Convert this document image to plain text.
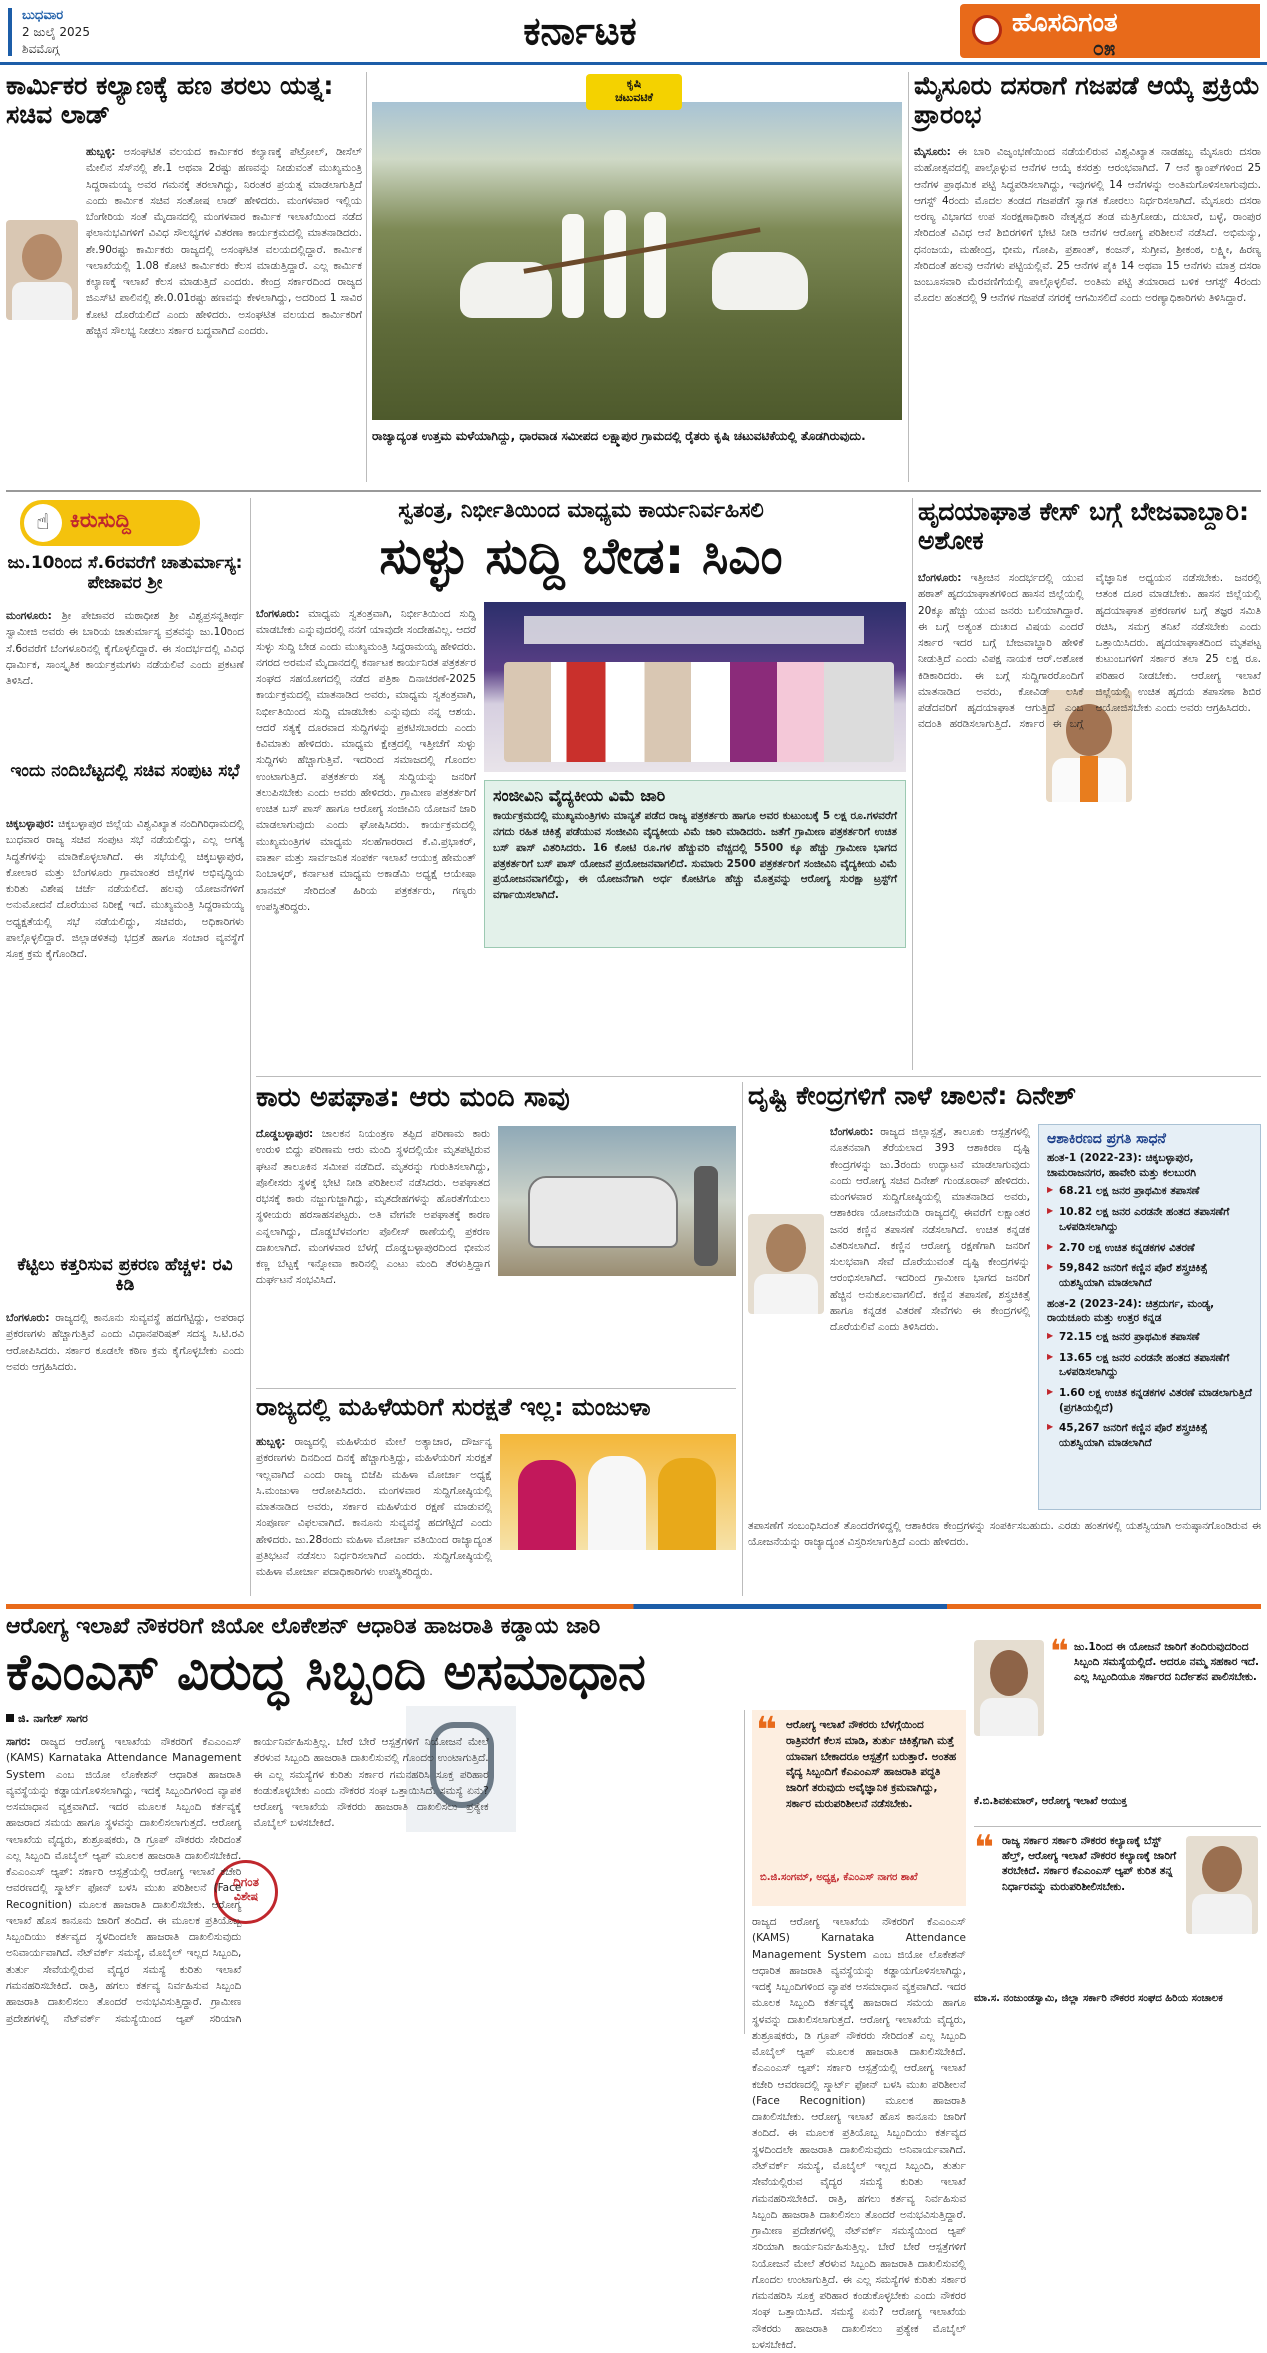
ಬುಧವಾರ
2 ಜುಲೈ 2025
ಶಿವಮೊಗ್ಗ	ಕರ್ನಾಟಕ	ಹೊಸದಿಗಂತ
೦೫
ಕಾರ್ಮಿಕರ ಕಲ್ಯಾಣಕ್ಕೆ ಹಣ ತರಲು ಯತ್ನ: ಸಚಿವ ಲಾಡ್
ಹುಬ್ಬಳ್ಳಿ: ಅಸಂಘಟಿತ ವಲಯದ ಕಾರ್ಮಿಕರ ಕಲ್ಯಾಣಕ್ಕೆ ಪೆಟ್ರೋಲ್, ಡೀಸೆಲ್ ಮೇಲಿನ ಸೆಸ್‌ನಲ್ಲಿ ಶೇ.1 ಅಥವಾ 2ರಷ್ಟು ಹಣವನ್ನು ನೀಡುವಂತೆ ಮುಖ್ಯಮಂತ್ರಿ ಸಿದ್ದರಾಮಯ್ಯ ಅವರ ಗಮನಕ್ಕೆ ತರಲಾಗಿದ್ದು, ನಿರಂತರ ಪ್ರಯತ್ನ ಮಾಡಲಾಗುತ್ತಿದೆ ಎಂದು ಕಾರ್ಮಿಕ ಸಚಿವ ಸಂತೋಷ ಲಾಡ್ ಹೇಳಿದರು. ಮಂಗಳವಾರ ಇಲ್ಲಿಯ ಬೆಂಗೇರಿಯ ಸಂತೆ ಮೈದಾನದಲ್ಲಿ ಮಂಗಳವಾರ ಕಾರ್ಮಿಕ ಇಲಾಖೆಯಿಂದ ನಡೆದ ಫಲಾನುಭವಿಗಳಿಗೆ ವಿವಿಧ ಸೌಲಭ್ಯಗಳ ವಿತರಣಾ ಕಾರ್ಯಕ್ರಮದಲ್ಲಿ ಮಾತನಾಡಿದರು. ಶೇ.90ರಷ್ಟು ಕಾರ್ಮಿಕರು ರಾಜ್ಯದಲ್ಲಿ ಅಸಂಘಟಿತ ವಲಯದಲ್ಲಿದ್ದಾರೆ. ಕಾರ್ಮಿಕ ಇಲಾಖೆಯಲ್ಲಿ 1.08 ಕೋಟಿ ಕಾರ್ಮಿಕರು ಕೆಲಸ ಮಾಡುತ್ತಿದ್ದಾರೆ. ಎಲ್ಲ ಕಾರ್ಮಿಕ ಕಲ್ಯಾಣಕ್ಕೆ ಇಲಾಖೆ ಕೆಲಸ ಮಾಡುತ್ತಿದೆ ಎಂದರು. ಕೇಂದ್ರ ಸರ್ಕಾರದಿಂದ ರಾಜ್ಯದ ಜಿಎಸ್‌ಟಿ ಪಾಲಿನಲ್ಲಿ ಶೇ.0.01ರಷ್ಟು ಹಣವನ್ನು ಕೇಳಲಾಗಿದ್ದು, ಅದರಿಂದ 1 ಸಾವಿರ ಕೋಟಿ ದೊರೆಯಲಿದೆ ಎಂದು ಹೇಳಿದರು. ಅಸಂಘಟಿತ ವಲಯದ ಕಾರ್ಮಿಕರಿಗೆ ಹೆಚ್ಚಿನ ಸೌಲಭ್ಯ ನೀಡಲು ಸರ್ಕಾರ ಬದ್ಧವಾಗಿದೆ ಎಂದರು.
ಕೃಷಿ
ಚಟುವಟಿಕೆ
ರಾಜ್ಯಾದ್ಯಂತ ಉತ್ತಮ ಮಳೆಯಾಗಿದ್ದು, ಧಾರವಾಡ ಸಮೀಪದ ಲಕ್ಷ್ಮಾಪುರ ಗ್ರಾಮದಲ್ಲಿ ರೈತರು ಕೃಷಿ ಚಟುವಟಿಕೆಯಲ್ಲಿ ತೊಡಗಿರುವುದು.
ಮೈಸೂರು ದಸರಾಗೆ ಗಜಪಡೆ ಆಯ್ಕೆ ಪ್ರಕ್ರಿಯೆ ಪ್ರಾರಂಭ
ಮೈಸೂರು: ಈ ಬಾರಿ ವಿಜೃಂಭಣೆಯಿಂದ ನಡೆಯಲಿರುವ ವಿಶ್ವವಿಖ್ಯಾತ ನಾಡಹಬ್ಬ ಮೈಸೂರು ದಸರಾ ಮಹೋತ್ಸವದಲ್ಲಿ ಪಾಲ್ಗೊಳ್ಳುವ ಆನೆಗಳ ಆಯ್ಕೆ ಕಸರತ್ತು ಆರಂಭವಾಗಿದೆ. 7 ಆನೆ ಕ್ಯಾಂಪ್‌ಗಳಿಂದ 25 ಆನೆಗಳ ಪ್ರಾಥಮಿಕ ಪಟ್ಟಿ ಸಿದ್ಧಪಡಿಸಲಾಗಿದ್ದು, ಇವುಗಳಲ್ಲಿ 14 ಆನೆಗಳನ್ನು ಅಂತಿಮಗೊಳಿಸಲಾಗುವುದು. ಆಗಸ್ಟ್ 4ರಂದು ಮೊದಲ ತಂಡದ ಗಜಪಡೆಗೆ ಸ್ವಾಗತ ಕೋರಲು ನಿರ್ಧರಿಸಲಾಗಿದೆ. ಮೈಸೂರು ದಸರಾ ಅರಣ್ಯ ವಿಭಾಗದ ಉಪ ಸಂರಕ್ಷಣಾಧಿಕಾರಿ ನೇತೃತ್ವದ ತಂಡ ಮತ್ತಿಗೋಡು, ದುಬಾರೆ, ಬಳ್ಳೆ, ರಾಂಪುರ ಸೇರಿದಂತೆ ವಿವಿಧ ಆನೆ ಶಿಬಿರಗಳಿಗೆ ಭೇಟಿ ನೀಡಿ ಆನೆಗಳ ಆರೋಗ್ಯ ಪರಿಶೀಲನೆ ನಡೆಸಿದೆ. ಅಭಿಮನ್ಯು, ಧನಂಜಯ, ಮಹೇಂದ್ರ, ಭೀಮ, ಗೋಪಿ, ಪ್ರಶಾಂತ್, ಕಂಜನ್, ಸುಗ್ರೀವ, ಶ್ರೀಕಂಠ, ಲಕ್ಷ್ಮೀ, ಹಿರಣ್ಯ ಸೇರಿದಂತೆ ಹಲವು ಆನೆಗಳು ಪಟ್ಟಿಯಲ್ಲಿವೆ. 25 ಆನೆಗಳ ಪೈಕಿ 14 ಅಥವಾ 15 ಆನೆಗಳು ಮಾತ್ರ ದಸರಾ ಜಂಬೂಸವಾರಿ ಮೆರವಣಿಗೆಯಲ್ಲಿ ಪಾಲ್ಗೊಳ್ಳಲಿವೆ. ಅಂತಿಮ ಪಟ್ಟಿ ತಯಾರಾದ ಬಳಿಕ ಆಗಸ್ಟ್ 4ರಂದು ಮೊದಲ ಹಂತದಲ್ಲಿ 9 ಆನೆಗಳ ಗಜಪಡೆ ನಗರಕ್ಕೆ ಆಗಮಿಸಲಿದೆ ಎಂದು ಅರಣ್ಯಾಧಿಕಾರಿಗಳು ತಿಳಿಸಿದ್ದಾರೆ.
☝ ಕಿರುಸುದ್ದಿ
ಜು.10ರಿಂದ ಸೆ.6ರವರೆಗೆ ಚಾತುರ್ಮಾಸ್ಯ: ಪೇಜಾವರ ಶ್ರೀ
ಮಂಗಳೂರು: ಶ್ರೀ ಪೇಜಾವರ ಮಠಾಧೀಶ ಶ್ರೀ ವಿಶ್ವಪ್ರಸನ್ನತೀರ್ಥ ಸ್ವಾಮೀಜಿ ಅವರು ಈ ಬಾರಿಯ ಚಾತುರ್ಮಾಸ್ಯ ವ್ರತವನ್ನು ಜು.10ರಿಂದ ಸೆ.6ರವರೆಗೆ ಬೆಂಗಳೂರಿನಲ್ಲಿ ಕೈಗೊಳ್ಳಲಿದ್ದಾರೆ. ಈ ಸಂದರ್ಭದಲ್ಲಿ ವಿವಿಧ ಧಾರ್ಮಿಕ, ಸಾಂಸ್ಕೃತಿಕ ಕಾರ್ಯಕ್ರಮಗಳು ನಡೆಯಲಿವೆ ಎಂದು ಪ್ರಕಟಣೆ ತಿಳಿಸಿದೆ.
ಇಂದು ನಂದಿಬೆಟ್ಟದಲ್ಲಿ ಸಚಿವ ಸಂಪುಟ ಸಭೆ
ಚಿಕ್ಕಬಳ್ಳಾಪುರ: ಚಿಕ್ಕಬಳ್ಳಾಪುರ ಜಿಲ್ಲೆಯ ವಿಶ್ವವಿಖ್ಯಾತ ನಂದಿಗಿರಿಧಾಮದಲ್ಲಿ ಬುಧವಾರ ರಾಜ್ಯ ಸಚಿವ ಸಂಪುಟ ಸಭೆ ನಡೆಯಲಿದ್ದು, ಎಲ್ಲ ಅಗತ್ಯ ಸಿದ್ಧತೆಗಳನ್ನು ಮಾಡಿಕೊಳ್ಳಲಾಗಿದೆ. ಈ ಸಭೆಯಲ್ಲಿ ಚಿಕ್ಕಬಳ್ಳಾಪುರ, ಕೋಲಾರ ಮತ್ತು ಬೆಂಗಳೂರು ಗ್ರಾಮಾಂತರ ಜಿಲ್ಲೆಗಳ ಅಭಿವೃದ್ಧಿಯ ಕುರಿತು ವಿಶೇಷ ಚರ್ಚೆ ನಡೆಯಲಿದೆ. ಹಲವು ಯೋಜನೆಗಳಿಗೆ ಅನುಮೋದನೆ ದೊರೆಯುವ ನಿರೀಕ್ಷೆ ಇದೆ. ಮುಖ್ಯಮಂತ್ರಿ ಸಿದ್ದರಾಮಯ್ಯ ಅಧ್ಯಕ್ಷತೆಯಲ್ಲಿ ಸಭೆ ನಡೆಯಲಿದ್ದು, ಸಚಿವರು, ಅಧಿಕಾರಿಗಳು ಪಾಲ್ಗೊಳ್ಳಲಿದ್ದಾರೆ. ಜಿಲ್ಲಾಡಳಿತವು ಭದ್ರತೆ ಹಾಗೂ ಸಂಚಾರ ವ್ಯವಸ್ಥೆಗೆ ಸೂಕ್ತ ಕ್ರಮ ಕೈಗೊಂಡಿದೆ.
ಕೆಟ್ಟಿಲು ಕತ್ತರಿಸುವ ಪ್ರಕರಣ ಹೆಚ್ಚಳ: ರವಿ ಕಿಡಿ
ಬೆಂಗಳೂರು: ರಾಜ್ಯದಲ್ಲಿ ಕಾನೂನು ಸುವ್ಯವಸ್ಥೆ ಹದಗೆಟ್ಟಿದ್ದು, ಅಪರಾಧ ಪ್ರಕರಣಗಳು ಹೆಚ್ಚಾಗುತ್ತಿವೆ ಎಂದು ವಿಧಾನಪರಿಷತ್ ಸದಸ್ಯ ಸಿ.ಟಿ.ರವಿ ಆರೋಪಿಸಿದರು. ಸರ್ಕಾರ ಕೂಡಲೇ ಕಠಿಣ ಕ್ರಮ ಕೈಗೊಳ್ಳಬೇಕು ಎಂದು ಅವರು ಆಗ್ರಹಿಸಿದರು.
ಸ್ವತಂತ್ರ, ನಿರ್ಭೀತಿಯಿಂದ ಮಾಧ್ಯಮ ಕಾರ್ಯನಿರ್ವಹಿಸಲಿ
ಸುಳ್ಳು ಸುದ್ದಿ ಬೇಡ: ಸಿಎಂ
ಬೆಂಗಳೂರು: ಮಾಧ್ಯಮ ಸ್ವತಂತ್ರವಾಗಿ, ನಿರ್ಭೀತಿಯಿಂದ ಸುದ್ದಿ ಮಾಡಬೇಕು ಎನ್ನುವುದರಲ್ಲಿ ನನಗೆ ಯಾವುದೇ ಸಂದೇಹವಿಲ್ಲ. ಆದರೆ ಸುಳ್ಳು ಸುದ್ದಿ ಬೇಡ ಎಂದು ಮುಖ್ಯಮಂತ್ರಿ ಸಿದ್ದರಾಮಯ್ಯ ಹೇಳಿದರು. ನಗರದ ಅರಮನೆ ಮೈದಾನದಲ್ಲಿ ಕರ್ನಾಟಕ ಕಾರ್ಯನಿರತ ಪತ್ರಕರ್ತರ ಸಂಘದ ಸಹಯೋಗದಲ್ಲಿ ನಡೆದ ಪತ್ರಿಕಾ ದಿನಾಚರಣೆ-2025 ಕಾರ್ಯಕ್ರಮದಲ್ಲಿ ಮಾತನಾಡಿದ ಅವರು, ಮಾಧ್ಯಮ ಸ್ವತಂತ್ರವಾಗಿ, ನಿರ್ಭೀತಿಯಿಂದ ಸುದ್ದಿ ಮಾಡಬೇಕು ಎನ್ನುವುದು ನನ್ನ ಆಶಯ. ಆದರೆ ಸತ್ಯಕ್ಕೆ ದೂರವಾದ ಸುದ್ದಿಗಳನ್ನು ಪ್ರಕಟಿಸಬಾರದು ಎಂದು ಕಿವಿಮಾತು ಹೇಳಿದರು. ಮಾಧ್ಯಮ ಕ್ಷೇತ್ರದಲ್ಲಿ ಇತ್ತೀಚೆಗೆ ಸುಳ್ಳು ಸುದ್ದಿಗಳು ಹೆಚ್ಚಾಗುತ್ತಿವೆ. ಇದರಿಂದ ಸಮಾಜದಲ್ಲಿ ಗೊಂದಲ ಉಂಟಾಗುತ್ತಿದೆ. ಪತ್ರಕರ್ತರು ಸತ್ಯ ಸುದ್ದಿಯನ್ನು ಜನರಿಗೆ ತಲುಪಿಸಬೇಕು ಎಂದು ಅವರು ಹೇಳಿದರು. ಗ್ರಾಮೀಣ ಪತ್ರಕರ್ತರಿಗೆ ಉಚಿತ ಬಸ್ ಪಾಸ್ ಹಾಗೂ ಆರೋಗ್ಯ ಸಂಜೀವಿನಿ ಯೋಜನೆ ಜಾರಿ ಮಾಡಲಾಗುವುದು ಎಂದು ಘೋಷಿಸಿದರು. ಕಾರ್ಯಕ್ರಮದಲ್ಲಿ ಮುಖ್ಯಮಂತ್ರಿಗಳ ಮಾಧ್ಯಮ ಸಲಹೆಗಾರರಾದ ಕೆ.ವಿ.ಪ್ರಭಾಕರ್, ವಾರ್ತಾ ಮತ್ತು ಸಾರ್ವಜನಿಕ ಸಂಪರ್ಕ ಇಲಾಖೆ ಆಯುಕ್ತ ಹೇಮಂತ್ ನಿಂಬಾಳ್ಕರ್, ಕರ್ನಾಟಕ ಮಾಧ್ಯಮ ಅಕಾಡೆಮಿ ಅಧ್ಯಕ್ಷೆ ಆಯೇಷಾ ಖಾನಮ್ ಸೇರಿದಂತೆ ಹಿರಿಯ ಪತ್ರಕರ್ತರು, ಗಣ್ಯರು ಉಪಸ್ಥಿತರಿದ್ದರು.
ಸಂಜೀವಿನಿ ವೈದ್ಯಕೀಯ ವಿಮೆ ಜಾರಿ
ಕಾರ್ಯಕ್ರಮದಲ್ಲಿ ಮುಖ್ಯಮಂತ್ರಿಗಳು ಮಾನ್ಯತೆ ಪಡೆದ ರಾಜ್ಯ ಪತ್ರಕರ್ತರು ಹಾಗೂ ಅವರ ಕುಟುಂಬಕ್ಕೆ 5 ಲಕ್ಷ ರೂ.ಗಳವರೆಗೆ ನಗದು ರಹಿತ ಚಿಕಿತ್ಸೆ ಪಡೆಯುವ ಸಂಜೀವಿನಿ ವೈದ್ಯಕೀಯ ವಿಮೆ ಜಾರಿ ಮಾಡಿದರು. ಜತೆಗೆ ಗ್ರಾಮೀಣ ಪತ್ರಕರ್ತರಿಗೆ ಉಚಿತ ಬಸ್ ಪಾಸ್ ವಿತರಿಸಿದರು. 16 ಕೋಟಿ ರೂ.ಗಳ ಹೆಚ್ಚುವರಿ ವೆಚ್ಚದಲ್ಲಿ 5500 ಕ್ಕೂ ಹೆಚ್ಚು ಗ್ರಾಮೀಣ ಭಾಗದ ಪತ್ರಕರ್ತರಿಗೆ ಬಸ್ ಪಾಸ್ ಯೋಜನೆ ಪ್ರಯೋಜನವಾಗಲಿದೆ. ಸುಮಾರು 2500 ಪತ್ರಕರ್ತರಿಗೆ ಸಂಜೀವಿನಿ ವೈದ್ಯಕೀಯ ವಿಮೆ ಪ್ರಯೋಜನವಾಗಲಿದ್ದು, ಈ ಯೋಜನೆಗಾಗಿ ಅರ್ಧ ಕೋಟಿಗೂ ಹೆಚ್ಚು ಮೊತ್ತವನ್ನು ಆರೋಗ್ಯ ಸುರಕ್ಷಾ ಟ್ರಸ್ಟ್‌ಗೆ ವರ್ಗಾಯಿಸಲಾಗಿದೆ.
ಹೃದಯಾಘಾತ ಕೇಸ್ ಬಗ್ಗೆ ಬೇಜವಾಬ್ದಾರಿ: ಅಶೋಕ
ಬೆಂಗಳೂರು: ಇತ್ತೀಚಿನ ಸಂದರ್ಭದಲ್ಲಿ ಯುವ ಹಠಾತ್ ಹೃದಯಾಘಾತಗಳಿಂದ ಹಾಸನ ಜಿಲ್ಲೆಯಲ್ಲಿ 20ಕ್ಕೂ ಹೆಚ್ಚು ಯುವ ಜನರು ಬಲಿಯಾಗಿದ್ದಾರೆ. ಈ ಬಗ್ಗೆ ಅತ್ಯಂತ ದುಃಖದ ವಿಷಯ ಎಂದರೆ ಸರ್ಕಾರ ಇದರ ಬಗ್ಗೆ ಬೇಜವಾಬ್ದಾರಿ ಹೇಳಿಕೆ ನೀಡುತ್ತಿದೆ ಎಂದು ವಿಪಕ್ಷ ನಾಯಕ ಆರ್.ಅಶೋಕ ಕಿಡಿಕಾರಿದರು. ಈ ಬಗ್ಗೆ ಸುದ್ದಿಗಾರರೊಂದಿಗೆ ಮಾತನಾಡಿದ ಅವರು, ಕೋವಿಡ್ ಲಸಿಕೆ ಪಡೆದವರಿಗೆ ಹೃದಯಾಘಾತ ಆಗುತ್ತಿದೆ ಎಂಬ ವದಂತಿ ಹರಡಿಸಲಾಗುತ್ತಿದೆ. ಸರ್ಕಾರ ಈ ಬಗ್ಗೆ ವೈಜ್ಞಾನಿಕ ಅಧ್ಯಯನ ನಡೆಸಬೇಕು. ಜನರಲ್ಲಿ ಆತಂಕ ದೂರ ಮಾಡಬೇಕು. ಹಾಸನ ಜಿಲ್ಲೆಯಲ್ಲಿ ಹೃದಯಾಘಾತ ಪ್ರಕರಣಗಳ ಬಗ್ಗೆ ತಜ್ಞರ ಸಮಿತಿ ರಚಿಸಿ, ಸಮಗ್ರ ತನಿಖೆ ನಡೆಸಬೇಕು ಎಂದು ಒತ್ತಾಯಿಸಿದರು. ಹೃದಯಾಘಾತದಿಂದ ಮೃತಪಟ್ಟ ಕುಟುಂಬಗಳಿಗೆ ಸರ್ಕಾರ ತಲಾ 25 ಲಕ್ಷ ರೂ. ಪರಿಹಾರ ನೀಡಬೇಕು. ಆರೋಗ್ಯ ಇಲಾಖೆ ಜಿಲ್ಲೆಯಲ್ಲಿ ಉಚಿತ ಹೃದಯ ತಪಾಸಣಾ ಶಿಬಿರ ಆಯೋಜಿಸಬೇಕು ಎಂದು ಅವರು ಆಗ್ರಹಿಸಿದರು.
ಕಾರು ಅಪಘಾತ: ಆರು ಮಂದಿ ಸಾವು
ದೊಡ್ಡಬಳ್ಳಾಪುರ: ಚಾಲಕನ ನಿಯಂತ್ರಣ ತಪ್ಪಿದ ಪರಿಣಾಮ ಕಾರು ಉರುಳಿ ಬಿದ್ದು ಪರಿಣಾಮ ಆರು ಮಂದಿ ಸ್ಥಳದಲ್ಲಿಯೇ ಮೃತಪಟ್ಟಿರುವ ಘಟನೆ ತಾಲೂಕಿನ ಸಮೀಪ ನಡೆದಿದೆ. ಮೃತರನ್ನು ಗುರುತಿಸಲಾಗಿದ್ದು, ಪೊಲೀಸರು ಸ್ಥಳಕ್ಕೆ ಭೇಟಿ ನೀಡಿ ಪರಿಶೀಲನೆ ನಡೆಸಿದರು. ಅಪಘಾತದ ರಭಸಕ್ಕೆ ಕಾರು ನಜ್ಜುಗುಜ್ಜಾಗಿದ್ದು, ಮೃತದೇಹಗಳನ್ನು ಹೊರತೆಗೆಯಲು ಸ್ಥಳೀಯರು ಹರಸಾಹಸಪಟ್ಟರು. ಅತಿ ವೇಗವೇ ಅಪಘಾತಕ್ಕೆ ಕಾರಣ ಎನ್ನಲಾಗಿದ್ದು, ದೊಡ್ಡಬೆಳವಂಗಲ ಪೊಲೀಸ್ ಠಾಣೆಯಲ್ಲಿ ಪ್ರಕರಣ ದಾಖಲಾಗಿದೆ. ಮಂಗಳವಾರ ಬೆಳಗ್ಗೆ ದೊಡ್ಡಬಳ್ಳಾಪುರದಿಂದ ಭೀಮನ ಕಣ್ಣ ಬೆಟ್ಟಕ್ಕೆ ಇನ್ನೋವಾ ಕಾರಿನಲ್ಲಿ ಎಂಟು ಮಂದಿ ತೆರಳುತ್ತಿದ್ದಾಗ ದುರ್ಘಟನೆ ಸಂಭವಿಸಿದೆ.
ರಾಜ್ಯದಲ್ಲಿ ಮಹಿಳೆಯರಿಗೆ ಸುರಕ್ಷತೆ ಇಲ್ಲ: ಮಂಜುಳಾ
ಹುಬ್ಬಳ್ಳಿ: ರಾಜ್ಯದಲ್ಲಿ ಮಹಿಳೆಯರ ಮೇಲೆ ಅತ್ಯಾಚಾರ, ದೌರ್ಜನ್ಯ ಪ್ರಕರಣಗಳು ದಿನದಿಂದ ದಿನಕ್ಕೆ ಹೆಚ್ಚಾಗುತ್ತಿದ್ದು, ಮಹಿಳೆಯರಿಗೆ ಸುರಕ್ಷತೆ ಇಲ್ಲವಾಗಿದೆ ಎಂದು ರಾಜ್ಯ ಬಿಜೆಪಿ ಮಹಿಳಾ ಮೋರ್ಚಾ ಅಧ್ಯಕ್ಷೆ ಸಿ.ಮಂಜುಳಾ ಆರೋಪಿಸಿದರು. ಮಂಗಳವಾರ ಸುದ್ದಿಗೋಷ್ಠಿಯಲ್ಲಿ ಮಾತನಾಡಿದ ಅವರು, ಸರ್ಕಾರ ಮಹಿಳೆಯರ ರಕ್ಷಣೆ ಮಾಡುವಲ್ಲಿ ಸಂಪೂರ್ಣ ವಿಫಲವಾಗಿದೆ. ಕಾನೂನು ಸುವ್ಯವಸ್ಥೆ ಹದಗೆಟ್ಟಿದೆ ಎಂದು ಹೇಳಿದರು. ಜು.28ರಂದು ಮಹಿಳಾ ಮೋರ್ಚಾ ವತಿಯಿಂದ ರಾಜ್ಯಾದ್ಯಂತ ಪ್ರತಿಭಟನೆ ನಡೆಸಲು ನಿರ್ಧರಿಸಲಾಗಿದೆ ಎಂದರು. ಸುದ್ದಿಗೋಷ್ಠಿಯಲ್ಲಿ ಮಹಿಳಾ ಮೋರ್ಚಾ ಪದಾಧಿಕಾರಿಗಳು ಉಪಸ್ಥಿತರಿದ್ದರು.
ದೃಷ್ಟಿ ಕೇಂದ್ರಗಳಿಗೆ ನಾಳೆ ಚಾಲನೆ: ದಿನೇಶ್
ಬೆಂಗಳೂರು: ರಾಜ್ಯದ ಜಿಲ್ಲಾಸ್ಪತ್ರೆ, ತಾಲೂಕು ಆಸ್ಪತ್ರೆಗಳಲ್ಲಿ ನೂತನವಾಗಿ ತೆರೆಯಲಾದ 393 ಆಶಾಕಿರಣ ದೃಷ್ಟಿ ಕೇಂದ್ರಗಳನ್ನು ಜು.3ರಂದು ಉದ್ಘಾಟನೆ ಮಾಡಲಾಗುವುದು ಎಂದು ಆರೋಗ್ಯ ಸಚಿವ ದಿನೇಶ್ ಗುಂಡೂರಾವ್ ಹೇಳಿದರು. ಮಂಗಳವಾರ ಸುದ್ದಿಗೋಷ್ಠಿಯಲ್ಲಿ ಮಾತನಾಡಿದ ಅವರು, ಆಶಾಕಿರಣ ಯೋಜನೆಯಡಿ ರಾಜ್ಯದಲ್ಲಿ ಈವರೆಗೆ ಲಕ್ಷಾಂತರ ಜನರ ಕಣ್ಣಿನ ತಪಾಸಣೆ ನಡೆಸಲಾಗಿದೆ. ಉಚಿತ ಕನ್ನಡಕ ವಿತರಿಸಲಾಗಿದೆ. ಕಣ್ಣಿನ ಆರೋಗ್ಯ ರಕ್ಷಣೆಗಾಗಿ ಜನರಿಗೆ ಸುಲಭವಾಗಿ ಸೇವೆ ದೊರೆಯುವಂತೆ ದೃಷ್ಟಿ ಕೇಂದ್ರಗಳನ್ನು ಆರಂಭಿಸಲಾಗಿದೆ. ಇದರಿಂದ ಗ್ರಾಮೀಣ ಭಾಗದ ಜನರಿಗೆ ಹೆಚ್ಚಿನ ಅನುಕೂಲವಾಗಲಿದೆ. ಕಣ್ಣಿನ ತಪಾಸಣೆ, ಶಸ್ತ್ರಚಿಕಿತ್ಸೆ ಹಾಗೂ ಕನ್ನಡಕ ವಿತರಣೆ ಸೇವೆಗಳು ಈ ಕೇಂದ್ರಗಳಲ್ಲಿ ದೊರೆಯಲಿವೆ ಎಂದು ತಿಳಿಸಿದರು.
ಆಶಾಕಿರಣದ ಪ್ರಗತಿ ಸಾಧನೆ
ಹಂತ-1 (2022-23): ಚಿಕ್ಕಬಳ್ಳಾಪುರ, ಚಾಮರಾಜನಗರ, ಹಾವೇರಿ ಮತ್ತು ಕಲಬುರಗಿ
▶ 68.21 ಲಕ್ಷ ಜನರ ಪ್ರಾಥಮಿಕ ತಪಾಸಣೆ
▶ 10.82 ಲಕ್ಷ ಜನರ ಎರಡನೇ ಹಂತದ ತಪಾಸಣೆಗೆ ಒಳಪಡಿಸಲಾಗಿದ್ದು
▶ 2.70 ಲಕ್ಷ ಉಚಿತ ಕನ್ನಡಕಗಳ ವಿತರಣೆ
▶ 59,842 ಜನರಿಗೆ ಕಣ್ಣಿನ ಪೊರೆ ಶಸ್ತ್ರಚಿಕಿತ್ಸೆ ಯಶಸ್ವಿಯಾಗಿ ಮಾಡಲಾಗಿದೆ
ಹಂತ-2 (2023-24): ಚಿತ್ರದುರ್ಗ, ಮಂಡ್ಯ, ರಾಯಚೂರು ಮತ್ತು ಉತ್ತರ ಕನ್ನಡ
▶ 72.15 ಲಕ್ಷ ಜನರ ಪ್ರಾಥಮಿಕ ತಪಾಸಣೆ
▶ 13.65 ಲಕ್ಷ ಜನರ ಎರಡನೇ ಹಂತದ ತಪಾಸಣೆಗೆ ಒಳಪಡಿಸಲಾಗಿದ್ದು
▶ 1.60 ಲಕ್ಷ ಉಚಿತ ಕನ್ನಡಕಗಳ ವಿತರಣೆ ಮಾಡಲಾಗುತ್ತಿದೆ (ಪ್ರಗತಿಯಲ್ಲಿದೆ)
▶ 45,267 ಜನರಿಗೆ ಕಣ್ಣಿನ ಪೊರೆ ಶಸ್ತ್ರಚಿಕಿತ್ಸೆ ಯಶಸ್ವಿಯಾಗಿ ಮಾಡಲಾಗಿದೆ
ತಪಾಸಣೆಗೆ ಸಂಬಂಧಿಸಿದಂತೆ ತೊಂದರೆಗಳಿದ್ದಲ್ಲಿ ಆಶಾಕಿರಣ ಕೇಂದ್ರಗಳನ್ನು ಸಂಪರ್ಕಿಸಬಹುದು. ಎರಡು ಹಂತಗಳಲ್ಲಿ ಯಶಸ್ವಿಯಾಗಿ ಅನುಷ್ಠಾನಗೊಂಡಿರುವ ಈ ಯೋಜನೆಯನ್ನು ರಾಜ್ಯಾದ್ಯಂತ ವಿಸ್ತರಿಸಲಾಗುತ್ತಿದೆ ಎಂದು ಹೇಳಿದರು.
ಆರೋಗ್ಯ ಇಲಾಖೆ ನೌಕರರಿಗೆ ಜಿಯೋ ಲೊಕೇಶನ್ ಆಧಾರಿತ ಹಾಜರಾತಿ ಕಡ್ಡಾಯ ಜಾರಿ
ಕೆಎಂಎಸ್ ವಿರುದ್ಧ ಸಿಬ್ಬಂದಿ ಅಸಮಾಧಾನ
ಜಿ. ನಾಗೇಶ್ ಸಾಗರ
ದಿಗಂತ
ವಿಶೇಷ
ಸಾಗರ: ರಾಜ್ಯದ ಆರೋಗ್ಯ ಇಲಾಖೆಯ ನೌಕರರಿಗೆ ಕೆಎಎಂಎಸ್ (KAMS) Karnataka Attendance Management System ಎಂಬ ಜಿಯೋ ಲೊಕೇಶನ್ ಆಧಾರಿತ ಹಾಜರಾತಿ ವ್ಯವಸ್ಥೆಯನ್ನು ಕಡ್ಡಾಯಗೊಳಿಸಲಾಗಿದ್ದು, ಇದಕ್ಕೆ ಸಿಬ್ಬಂದಿಗಳಿಂದ ವ್ಯಾಪಕ ಅಸಮಾಧಾನ ವ್ಯಕ್ತವಾಗಿದೆ. ಇದರ ಮೂಲಕ ಸಿಬ್ಬಂದಿ ಕರ್ತವ್ಯಕ್ಕೆ ಹಾಜರಾದ ಸಮಯ ಹಾಗೂ ಸ್ಥಳವನ್ನು ದಾಖಲಿಸಲಾಗುತ್ತದೆ. ಆರೋಗ್ಯ ಇಲಾಖೆಯ ವೈದ್ಯರು, ಶುಶ್ರೂಷಕರು, ಡಿ ಗ್ರೂಪ್ ನೌಕರರು ಸೇರಿದಂತೆ ಎಲ್ಲ ಸಿಬ್ಬಂದಿ ಮೊಬೈಲ್ ಆ್ಯಪ್ ಮೂಲಕ ಹಾಜರಾತಿ ದಾಖಲಿಸಬೇಕಿದೆ. ಕೆಎಎಂಎಸ್ ಆ್ಯಪ್: ಸರ್ಕಾರಿ ಆಸ್ಪತ್ರೆಯಲ್ಲಿ ಆರೋಗ್ಯ ಇಲಾಖೆ ಕಚೇರಿ ಆವರಣದಲ್ಲಿ ಸ್ಮಾರ್ಟ್ ಫೋನ್ ಬಳಸಿ ಮುಖ ಪರಿಶೀಲನೆ (Face Recognition) ಮೂಲಕ ಹಾಜರಾತಿ ದಾಖಲಿಸಬೇಕು. ಆರೋಗ್ಯ ಇಲಾಖೆ ಹೊಸ ಕಾನೂನು ಜಾರಿಗೆ ತಂದಿದೆ. ಈ ಮೂಲಕ ಪ್ರತಿಯೊಬ್ಬ ಸಿಬ್ಬಂದಿಯು ಕರ್ತವ್ಯದ ಸ್ಥಳದಿಂದಲೇ ಹಾಜರಾತಿ ದಾಖಲಿಸುವುದು ಅನಿವಾರ್ಯವಾಗಿದೆ. ನೆಟ್‌ವರ್ಕ್ ಸಮಸ್ಯೆ, ಮೊಬೈಲ್ ಇಲ್ಲದ ಸಿಬ್ಬಂದಿ, ತುರ್ತು ಸೇವೆಯಲ್ಲಿರುವ ವೈದ್ಯರ ಸಮಸ್ಯೆ ಕುರಿತು ಇಲಾಖೆ ಗಮನಹರಿಸಬೇಕಿದೆ. ರಾತ್ರಿ, ಹಗಲು ಕರ್ತವ್ಯ ನಿರ್ವಹಿಸುವ ಸಿಬ್ಬಂದಿ ಹಾಜರಾತಿ ದಾಖಲಿಸಲು ತೊಂದರೆ ಅನುಭವಿಸುತ್ತಿದ್ದಾರೆ. ಗ್ರಾಮೀಣ ಪ್ರದೇಶಗಳಲ್ಲಿ ನೆಟ್‌ವರ್ಕ್ ಸಮಸ್ಯೆಯಿಂದ ಆ್ಯಪ್ ಸರಿಯಾಗಿ ಕಾರ್ಯನಿರ್ವಹಿಸುತ್ತಿಲ್ಲ. ಬೇರೆ ಬೇರೆ ಆಸ್ಪತ್ರೆಗಳಿಗೆ ನಿಯೋಜನೆ ಮೇಲೆ ತೆರಳುವ ಸಿಬ್ಬಂದಿ ಹಾಜರಾತಿ ದಾಖಲಿಸುವಲ್ಲಿ ಗೊಂದಲ ಉಂಟಾಗುತ್ತಿದೆ. ಈ ಎಲ್ಲ ಸಮಸ್ಯೆಗಳ ಕುರಿತು ಸರ್ಕಾರ ಗಮನಹರಿಸಿ ಸೂಕ್ತ ಪರಿಹಾರ ಕಂಡುಕೊಳ್ಳಬೇಕು ಎಂದು ನೌಕರರ ಸಂಘ ಒತ್ತಾಯಿಸಿದೆ. ಸಮಸ್ಯೆ ಏನು? ಆರೋಗ್ಯ ಇಲಾಖೆಯ ನೌಕರರು ಹಾಜರಾತಿ ದಾಖಲಿಸಲು ಪ್ರತ್ಯೇಕ ಮೊಬೈಲ್ ಬಳಸಬೇಕಿದೆ.
❝ ಆರೋಗ್ಯ ಇಲಾಖೆ ನೌಕರರು ಬೆಳಗ್ಗೆಯಿಂದ ರಾತ್ರಿವರೆಗೆ ಕೆಲಸ ಮಾಡಿ, ತುರ್ತು ಚಿಕಿತ್ಸೆಗಾಗಿ ಮತ್ತೆ ಯಾವಾಗ ಬೇಕಾದರೂ ಆಸ್ಪತ್ರೆಗೆ ಬರುತ್ತಾರೆ. ಅಂತಹ ವೈದ್ಯ ಸಿಬ್ಬಂದಿಗೆ ಕೆಎಎಂಎಸ್ ಹಾಜರಾತಿ ಪದ್ಧತಿ ಜಾರಿಗೆ ತರುವುದು ಅವೈಜ್ಞಾನಿಕ ಕ್ರಮವಾಗಿದ್ದು, ಸರ್ಕಾರ ಮರುಪರಿಶೀಲನೆ ನಡೆಸಬೇಕು.
ಬಿ.ಜಿ.ಸಂಗಮ್, ಅಧ್ಯಕ್ಷ, ಕೆಎಂಎಸ್ ನಾಗರ ಶಾಖೆ
ರಾಜ್ಯದ ಆರೋಗ್ಯ ಇಲಾಖೆಯ ನೌಕರರಿಗೆ ಕೆಎಎಂಎಸ್ (KAMS) Karnataka Attendance Management System ಎಂಬ ಜಿಯೋ ಲೊಕೇಶನ್ ಆಧಾರಿತ ಹಾಜರಾತಿ ವ್ಯವಸ್ಥೆಯನ್ನು ಕಡ್ಡಾಯಗೊಳಿಸಲಾಗಿದ್ದು, ಇದಕ್ಕೆ ಸಿಬ್ಬಂದಿಗಳಿಂದ ವ್ಯಾಪಕ ಅಸಮಾಧಾನ ವ್ಯಕ್ತವಾಗಿದೆ. ಇದರ ಮೂಲಕ ಸಿಬ್ಬಂದಿ ಕರ್ತವ್ಯಕ್ಕೆ ಹಾಜರಾದ ಸಮಯ ಹಾಗೂ ಸ್ಥಳವನ್ನು ದಾಖಲಿಸಲಾಗುತ್ತದೆ. ಆರೋಗ್ಯ ಇಲಾಖೆಯ ವೈದ್ಯರು, ಶುಶ್ರೂಷಕರು, ಡಿ ಗ್ರೂಪ್ ನೌಕರರು ಸೇರಿದಂತೆ ಎಲ್ಲ ಸಿಬ್ಬಂದಿ ಮೊಬೈಲ್ ಆ್ಯಪ್ ಮೂಲಕ ಹಾಜರಾತಿ ದಾಖಲಿಸಬೇಕಿದೆ. ಕೆಎಎಂಎಸ್ ಆ್ಯಪ್: ಸರ್ಕಾರಿ ಆಸ್ಪತ್ರೆಯಲ್ಲಿ ಆರೋಗ್ಯ ಇಲಾಖೆ ಕಚೇರಿ ಆವರಣದಲ್ಲಿ ಸ್ಮಾರ್ಟ್ ಫೋನ್ ಬಳಸಿ ಮುಖ ಪರಿಶೀಲನೆ (Face Recognition) ಮೂಲಕ ಹಾಜರಾತಿ ದಾಖಲಿಸಬೇಕು. ಆರೋಗ್ಯ ಇಲಾಖೆ ಹೊಸ ಕಾನೂನು ಜಾರಿಗೆ ತಂದಿದೆ. ಈ ಮೂಲಕ ಪ್ರತಿಯೊಬ್ಬ ಸಿಬ್ಬಂದಿಯು ಕರ್ತವ್ಯದ ಸ್ಥಳದಿಂದಲೇ ಹಾಜರಾತಿ ದಾಖಲಿಸುವುದು ಅನಿವಾರ್ಯವಾಗಿದೆ. ನೆಟ್‌ವರ್ಕ್ ಸಮಸ್ಯೆ, ಮೊಬೈಲ್ ಇಲ್ಲದ ಸಿಬ್ಬಂದಿ, ತುರ್ತು ಸೇವೆಯಲ್ಲಿರುವ ವೈದ್ಯರ ಸಮಸ್ಯೆ ಕುರಿತು ಇಲಾಖೆ ಗಮನಹರಿಸಬೇಕಿದೆ. ರಾತ್ರಿ, ಹಗಲು ಕರ್ತವ್ಯ ನಿರ್ವಹಿಸುವ ಸಿಬ್ಬಂದಿ ಹಾಜರಾತಿ ದಾಖಲಿಸಲು ತೊಂದರೆ ಅನುಭವಿಸುತ್ತಿದ್ದಾರೆ. ಗ್ರಾಮೀಣ ಪ್ರದೇಶಗಳಲ್ಲಿ ನೆಟ್‌ವರ್ಕ್ ಸಮಸ್ಯೆಯಿಂದ ಆ್ಯಪ್ ಸರಿಯಾಗಿ ಕಾರ್ಯನಿರ್ವಹಿಸುತ್ತಿಲ್ಲ. ಬೇರೆ ಬೇರೆ ಆಸ್ಪತ್ರೆಗಳಿಗೆ ನಿಯೋಜನೆ ಮೇಲೆ ತೆರಳುವ ಸಿಬ್ಬಂದಿ ಹಾಜರಾತಿ ದಾಖಲಿಸುವಲ್ಲಿ ಗೊಂದಲ ಉಂಟಾಗುತ್ತಿದೆ. ಈ ಎಲ್ಲ ಸಮಸ್ಯೆಗಳ ಕುರಿತು ಸರ್ಕಾರ ಗಮನಹರಿಸಿ ಸೂಕ್ತ ಪರಿಹಾರ ಕಂಡುಕೊಳ್ಳಬೇಕು ಎಂದು ನೌಕರರ ಸಂಘ ಒತ್ತಾಯಿಸಿದೆ. ಸಮಸ್ಯೆ ಏನು? ಆರೋಗ್ಯ ಇಲಾಖೆಯ ನೌಕರರು ಹಾಜರಾತಿ ದಾಖಲಿಸಲು ಪ್ರತ್ಯೇಕ ಮೊಬೈಲ್ ಬಳಸಬೇಕಿದೆ.
❝ ಜು.1ರಿಂದ ಈ ಯೋಜನೆ ಜಾರಿಗೆ ತಂದಿರುವುದರಿಂದ ಸಿಬ್ಬಂದಿ ಸಮಸ್ಯೆಯಲ್ಲಿದೆ. ಆದರೂ ನಮ್ಮ ಸಹಕಾರ ಇದೆ. ಎಲ್ಲ ಸಿಬ್ಬಂದಿಯೂ ಸರ್ಕಾರದ ನಿರ್ದೇಶನ ಪಾಲಿಸಬೇಕು.
ಕೆ.ಬಿ.ಶಿವಕುಮಾರ್, ಆರೋಗ್ಯ ಇಲಾಖೆ ಆಯುಕ್ತ
❝ ರಾಜ್ಯ ಸರ್ಕಾರ ಸರ್ಕಾರಿ ನೌಕರರ ಕಲ್ಯಾಣಕ್ಕೆ ಬೆಸ್ಟ್ ಹೆಲ್ತ್, ಆರೋಗ್ಯ ಇಲಾಖೆ ನೌಕರರ ಕಲ್ಯಾಣಕ್ಕೆ ಜಾರಿಗೆ ತರಬೇಕಿದೆ. ಸರ್ಕಾರ ಕೆಎಎಂಎಸ್ ಆ್ಯಪ್ ಕುರಿತ ತನ್ನ ನಿರ್ಧಾರವನ್ನು ಮರುಪರಿಶೀಲಿಸಬೇಕು.
ಮಾ.ಸ. ನಂಜುಂಡಸ್ವಾಮಿ, ಜಿಲ್ಲಾ ಸರ್ಕಾರಿ ನೌಕರರ ಸಂಘದ ಹಿರಿಯ ಸಂಚಾಲಕ
